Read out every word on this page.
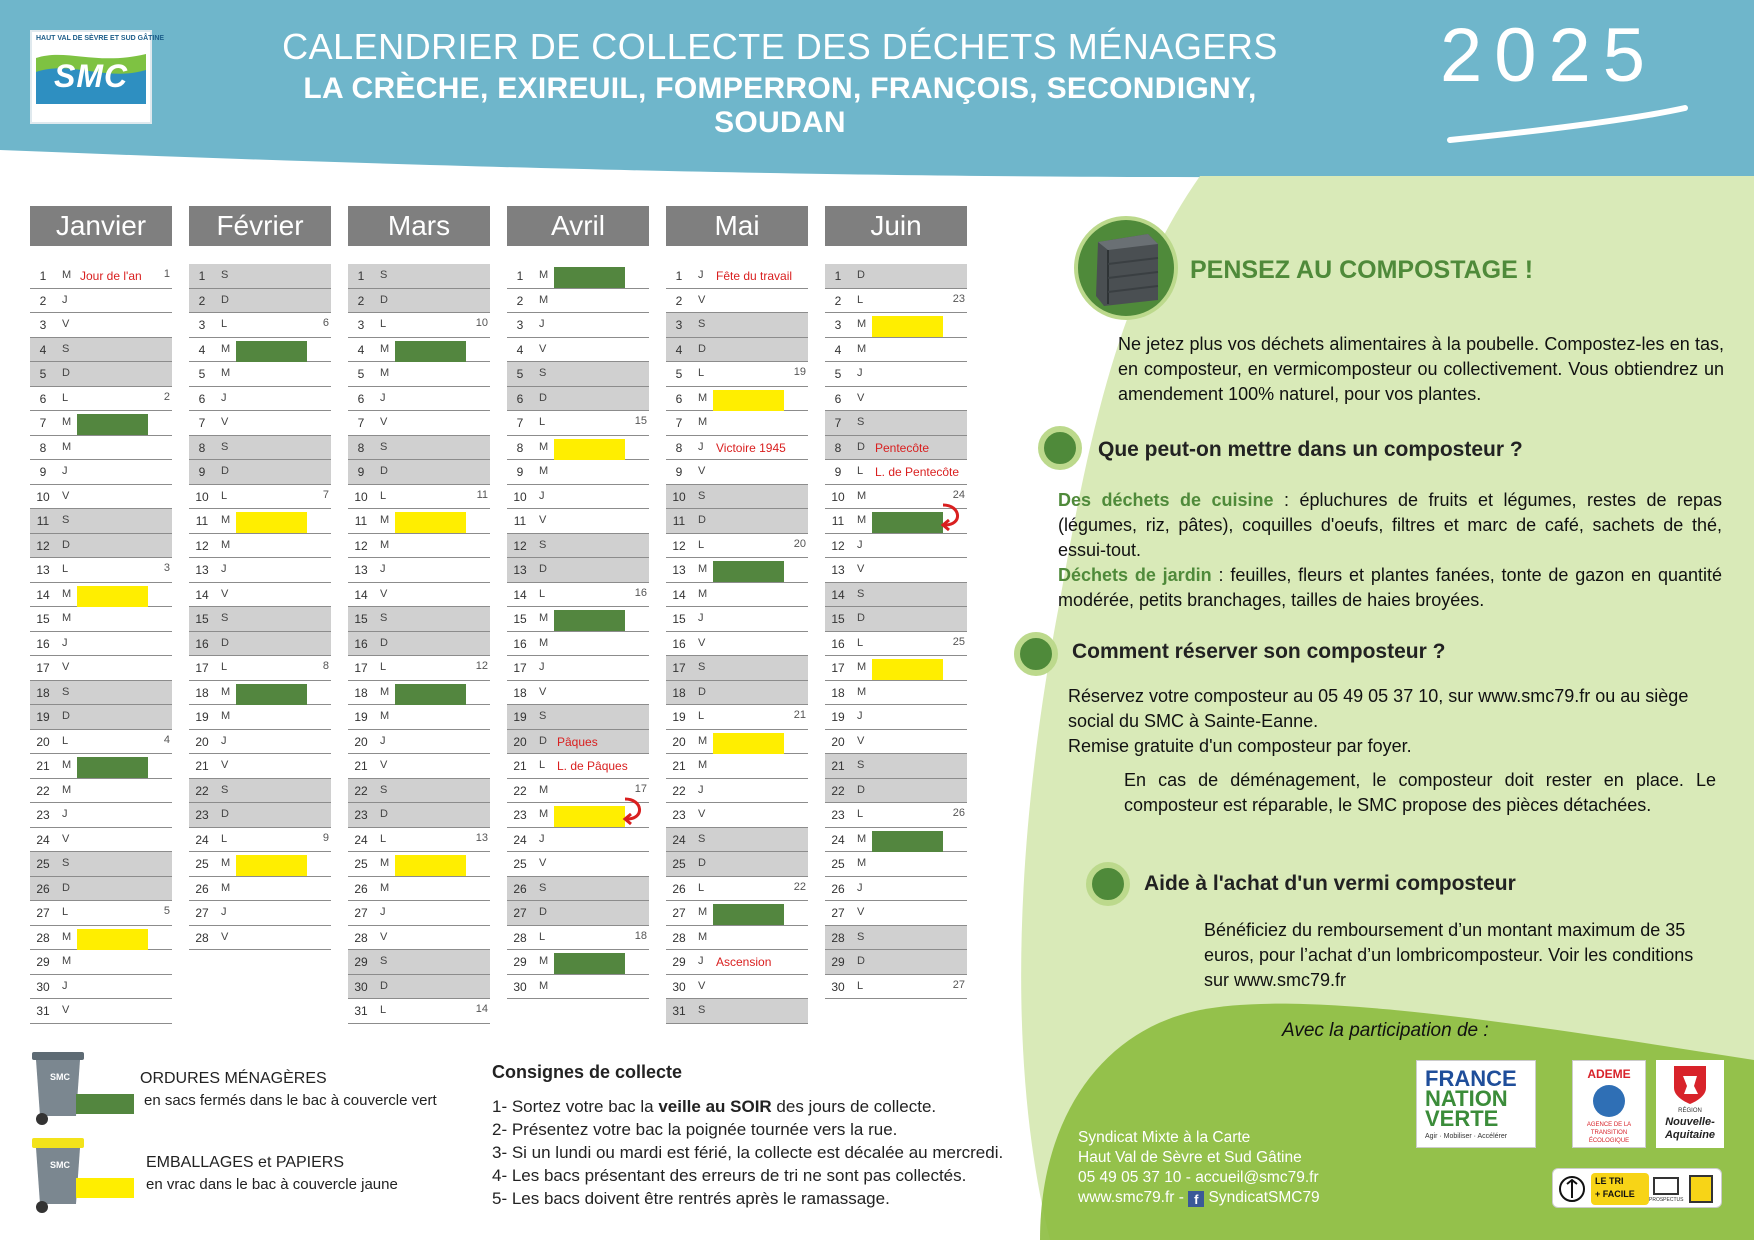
HAUT VAL DE SÈVRE ET SUD GÂTINE
SMC
SYNDICAT MIXTE À LA CARTE
CALENDRIER DE COLLECTE DES DÉCHETS MÉNAGERS
LA CRÈCHE, EXIREUIL, FOMPERRON, FRANÇOIS, SECONDIGNY, SOUDAN
2025
Janvier
1	M Jour de l'an 1
2	J
3	V
4	S
5	D
6	L	2
7	M
8	M
9	J
10	V
11	S
12	D
13	L	3
14	M
15	M
16	J
17	V
18	S
19	D
20	L	4
21	M
22	M
23	J
24	V
25	S
26	D
27	L	5
28	M
29	M
30	J
31	V
Février
1	S
2	D
3	L	6
4	M
5	M
6	J
7	V
8	S
9	D
10	L	7
11	M
12	M
13	J
14	V
15	S
16	D
17	L	8
18	M
19	M
20	J
21	V
22	S
23	D
24	L	9
25	M
26	M
27	J
28	V
Mars
1	S
2	D
3	L	10
4	M
5	M
6	J
7	V
8	S
9	D
10	L	11
11	M
12	M
13	J
14	V
15	S
16	D
17	L	12
18	M
19	M
20	J
21	V
22	S
23	D
24	L	13
25	M
26	M
27	J
28	V
29	S
30	D
31	L	14
Avril
1	M
2	M
3	J
4	V
5	S
6	D
7	L	15
8	M
9	M
10	J
11	V
12	S
13	D
14	L	16
15	M
16	M
17	J
18	V
19	S
20	D Pâques
21	L L. de Pâques
22	M	17
23	M
24	J
25	V
26	S
27	D
28	L	18
29	M
30	M
Mai
1	J Fête du travail
2	V
3	S
4	D
5	L	19
6	M
7	M
8	J Victoire 1945
9	V
10	S
11	D
12	L	20
13	M
14	M
15	J
16	V
17	S
18	D
19	L	21
20	M
21	M
22	J
23	V
24	S
25	D
26	L	22
27	M
28	M
29	J Ascension
30	V
31	S
Juin
1	D
2	L	23
3	M
4	M
5	J
6	V
7	S
8	D Pentecôte
9	L L. de Pentecôte
10	M	24
11	M
12	J
13	V
14	S
15	D
16	L	25
17	M
18	M
19	J
20	V
21	S
22	D
23	L	26
24	M
25	M
26	J
27	V
28	S
29	D
30	L	27
SMC	ORDURES MÉNAGÈRES
en sacs fermés dans le bac à couvercle vert
SMC	EMBALLAGES et PAPIERS
en vrac dans le bac à couvercle jaune
Consignes de collecte
1- Sortez votre bac la veille au SOIR des jours de collecte.
2- Présentez votre bac la poignée tournée vers la rue.
3- Si un lundi ou mardi est férié, la collecte est décalée au mercredi.
4- Les bacs présentant des erreurs de tri ne sont pas collectés.
5- Les bacs doivent être rentrés après le ramassage.
PENSEZ AU COMPOSTAGE !
Ne jetez plus vos déchets alimentaires à la poubelle. Compostez-les en tas, en composteur, en vermicomposteur ou collectivement. Vous obtiendrez un amendement 100% naturel, pour vos plantes.
Que peut-on mettre dans un composteur ?
Des déchets de cuisine : épluchures de fruits et légumes, restes de repas (légumes, riz, pâtes), coquilles d'oeufs, filtres et marc de café, sachets de thé, essui-tout.
Déchets de jardin : feuilles, fleurs et plantes fanées, tonte de gazon en quantité modérée, petits branchages, tailles de haies broyées.
Comment réserver son composteur ?
Réservez votre composteur au 05 49 05 37 10, sur www.smc79.fr ou au siège social du SMC à Sainte-Eanne.
Remise gratuite d'un composteur par foyer.
En cas de déménagement, le composteur doit rester en place. Le composteur est réparable, le SMC propose des pièces détachées.
Aide à l'achat d'un vermi composteur
Bénéficiez du remboursement d’un montant maximum de 35 euros, pour l’achat d’un lombricomposteur. Voir les conditions sur www.smc79.fr
Avec la participation de :
FRANCE
NATION
VERTE
Agir · Mobiliser · Accélérer
ADEME
AGENCE DE LA TRANSITION ÉCOLOGIQUE
RÉGION
Nouvelle-Aquitaine
LE TRI
+ FACILE
PROSPECTUS
Syndicat Mixte à la Carte
Haut Val de Sèvre et Sud Gâtine
05 49 05 37 10 - accueil@smc79.fr
www.smc79.fr - f SyndicatSMC79
